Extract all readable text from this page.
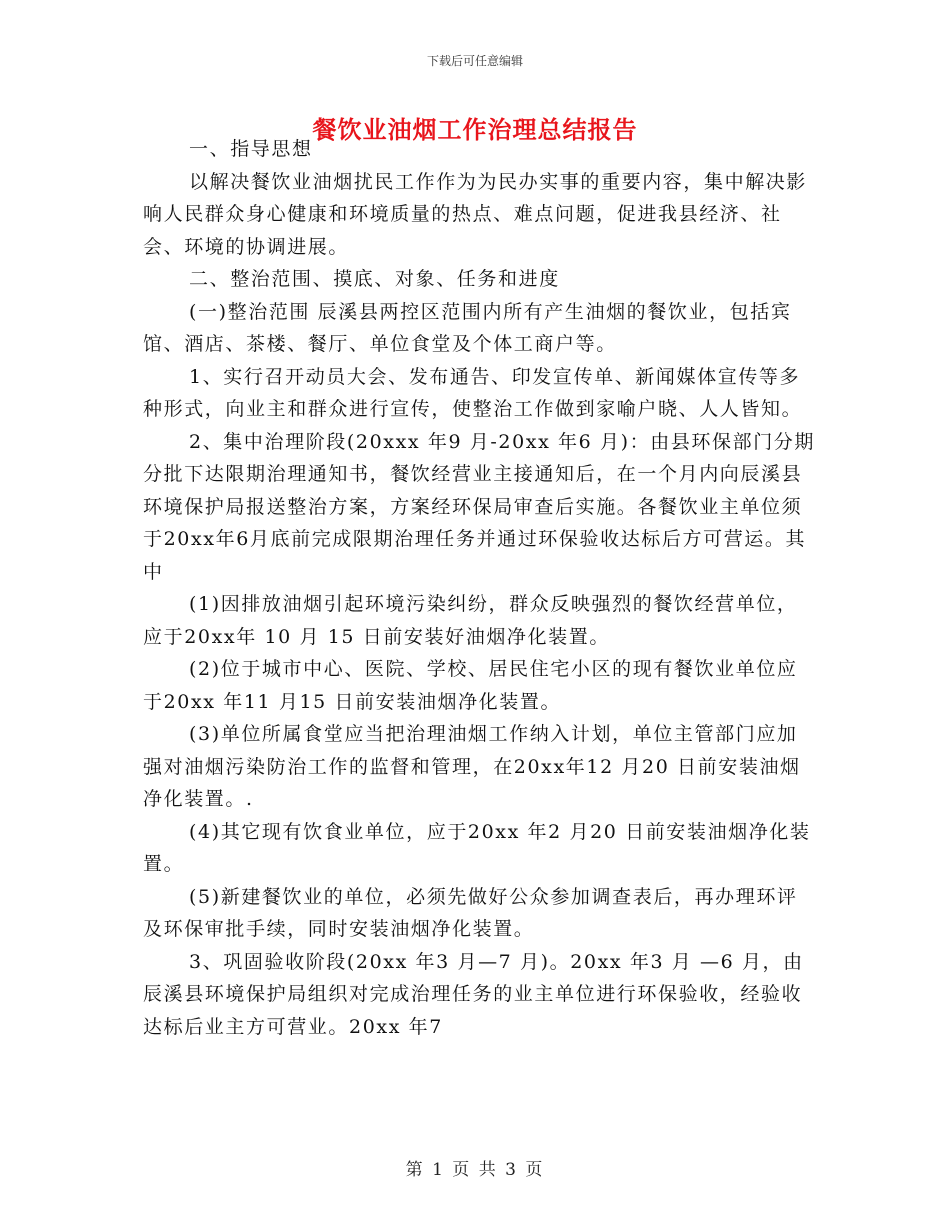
下载后可任意编辑
餐饮业油烟工作治理总结报告

一、指导思想

以解决餐饮业油烟扰民工作作为为民办实事的重要内容，集中解决影响人民群众身心健康和环境质量的热点、难点问题，促进我县经济、社会、环境的协调进展。

二、整治范围、摸底、对象、任务和进度

(一)整治范围 辰溪县两控区范围内所有产生油烟的餐饮业，包括宾馆、酒店、茶楼、餐厅、单位食堂及个体工商户等。

1、实行召开动员大会、发布通告、印发宣传单、新闻媒体宣传等多种形式，向业主和群众进行宣传，使整治工作做到家喻户晓、人人皆知。

2、集中治理阶段(20xxx 年9 月-20xx 年6 月)：由县环保部门分期分批下达限期治理通知书，餐饮经营业主接通知后，在一个月内向辰溪县环境保护局报送整治方案，方案经环保局审查后实施。各餐饮业主单位须于20xx年6月底前完成限期治理任务并通过环保验收达标后方可营运。其中

(1)因排放油烟引起环境污染纠纷，群众反映强烈的餐饮经营单位，应于20xx年 10 月 15 日前安装好油烟净化装置。

(2)位于城市中心、医院、学校、居民住宅小区的现有餐饮业单位应于20xx 年11 月15 日前安装油烟净化装置。

(3)单位所属食堂应当把治理油烟工作纳入计划，单位主管部门应加强对油烟污染防治工作的监督和管理，在20xx年12 月20 日前安装油烟净化装置。.

(4)其它现有饮食业单位，应于20xx 年2 月20 日前安装油烟净化装置。

(5)新建餐饮业的单位，必须先做好公众参加调查表后，再办理环评及环保审批手续，同时安装油烟净化装置。

3、巩固验收阶段(20xx 年3 月—7 月)。20xx 年3 月 —6 月，由辰溪县环境保护局组织对完成治理任务的业主单位进行环保验收，经验收达标后业主方可营业。20xx 年7

第 1 页 共 3 页
